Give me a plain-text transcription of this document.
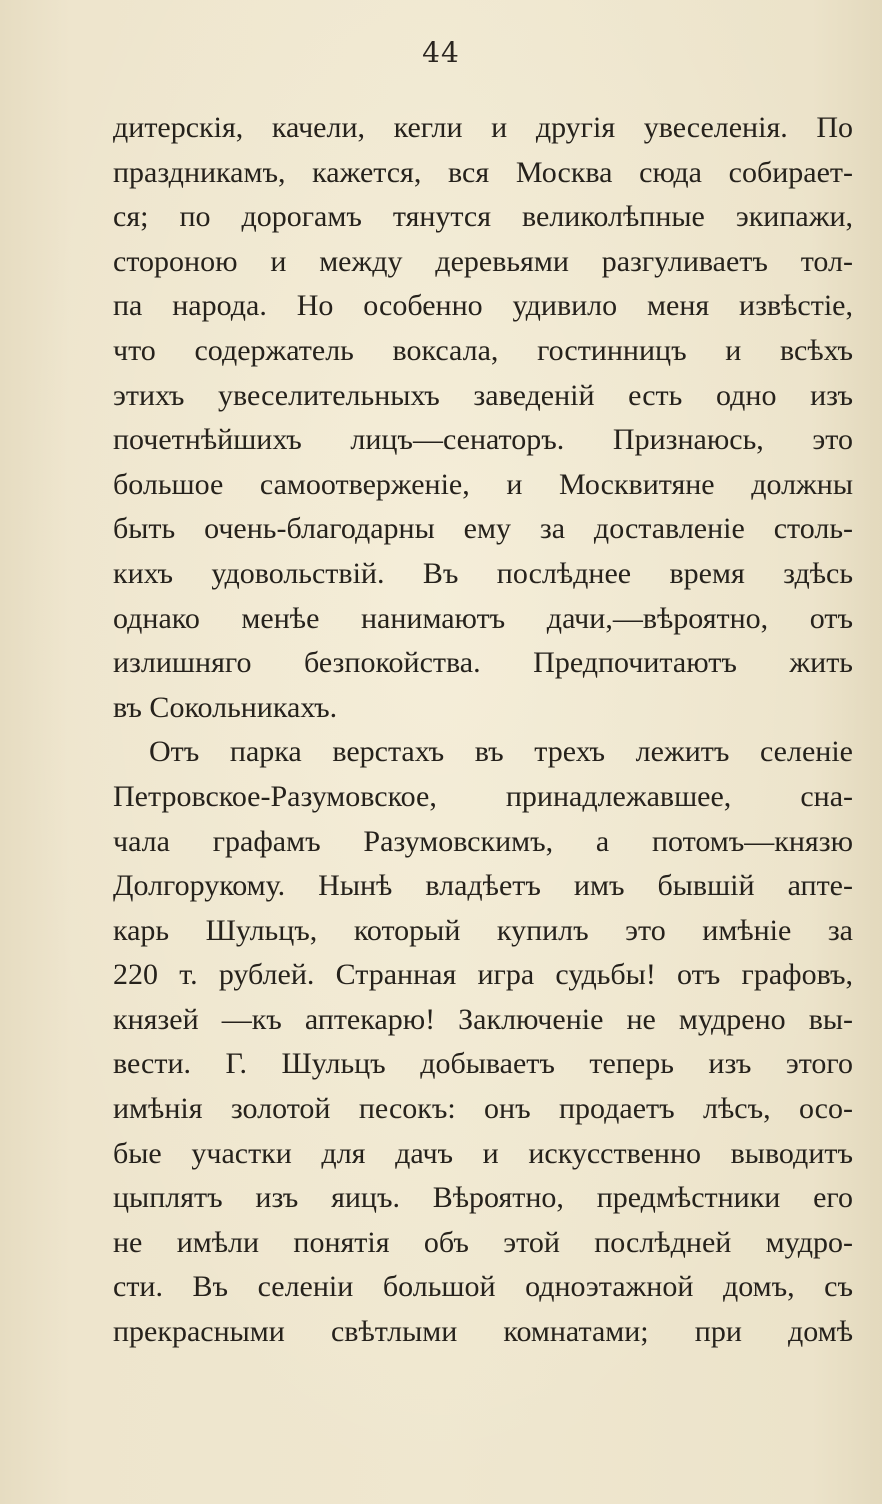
44
дитерскія, качели, кегли и другія увеселенія. По
праздникамъ, кажется, вся Москва сюда собирает-
ся; по дорогамъ тянутся великолѣпные экипажи,
стороною и между деревьями разгуливаетъ тол-
па народа. Но особенно удивило меня извѣстіе,
что содержатель воксала, гостинницъ и всѣхъ
этихъ увеселительныхъ заведеній есть одно изъ
почетнѣйшихъ лицъ—сенаторъ. Признаюсь, это
большое самоотверженіе, и Москвитяне должны
быть очень-благодарны ему за доставленіе столь-
кихъ удовольствій. Въ послѣднее время здѣсь
однако менѣе нанимаютъ дачи,—вѣроятно, отъ
излишняго безпокойства. Предпочитаютъ жить
въ Сокольникахъ.
Отъ парка верстахъ въ трехъ лежитъ селеніе
Петровское-Разумовское, принадлежавшее, сна-
чала графамъ Разумовскимъ, а потомъ—князю
Долгорукому. Нынѣ владѣетъ имъ бывшій апте-
карь Шульцъ, который купилъ это имѣніе за
220 т. рублей. Странная игра судьбы! отъ графовъ,
князей —къ аптекарю! Заключеніе не мудрено вы-
вести. Г. Шульцъ добываетъ теперь изъ этого
имѣнія золотой песокъ: онъ продаетъ лѣсъ, осо-
бые участки для дачъ и искусственно выводитъ
цыплятъ изъ яицъ. Вѣроятно, предмѣстники его
не имѣли понятія объ этой послѣдней мудро-
сти. Въ селеніи большой одноэтажной домъ, съ
прекрасными свѣтлыми комнатами; при домѣ
